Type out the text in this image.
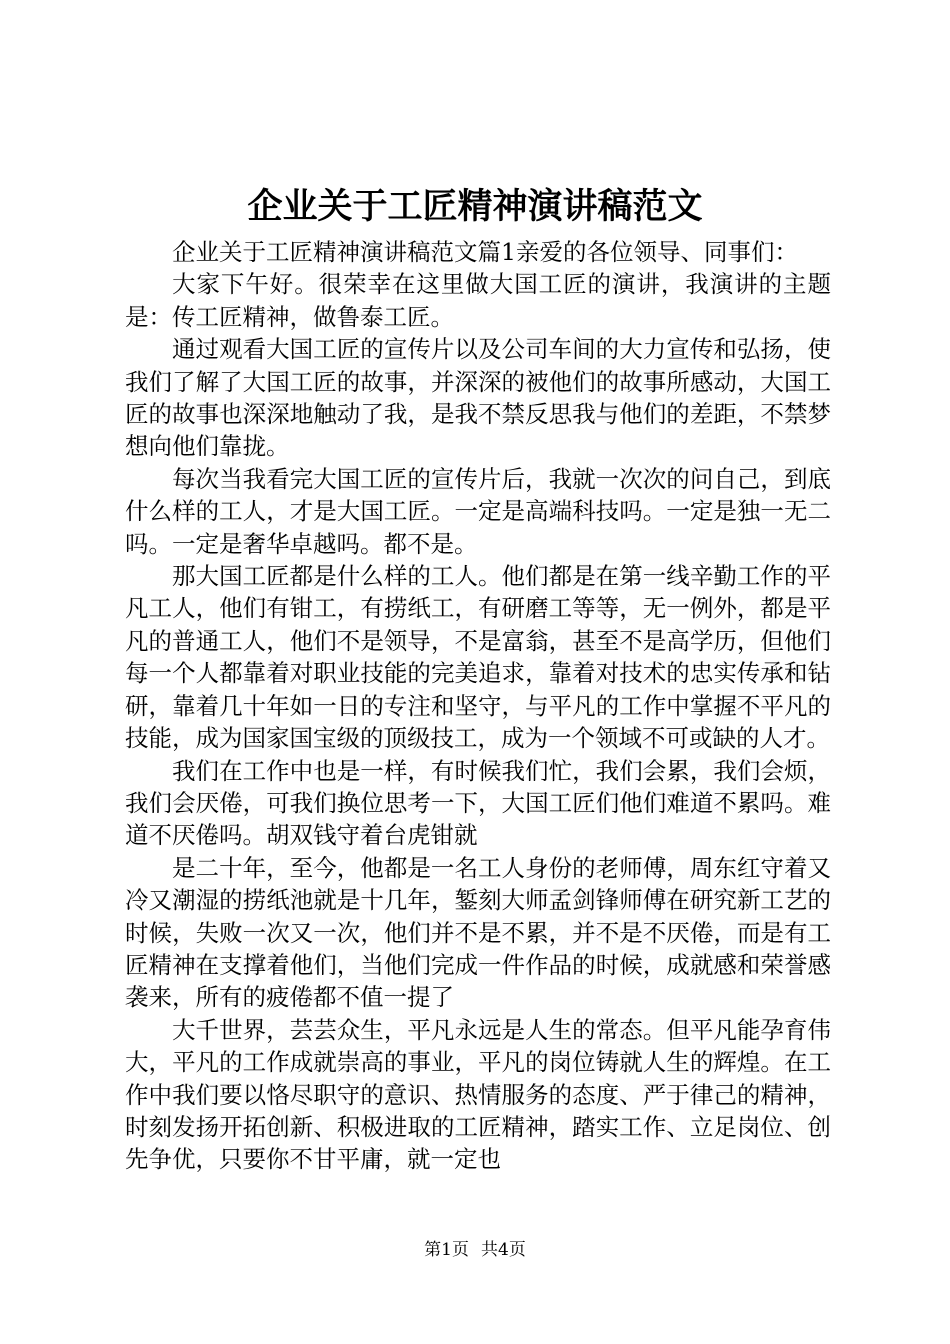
企业关于工匠精神演讲稿范文

企业关于工匠精神演讲稿范文篇1亲爱的各位领导、同事们：

大家下午好。很荣幸在这里做大国工匠的演讲，我演讲的主题是：传工匠精神，做鲁泰工匠。

通过观看大国工匠的宣传片以及公司车间的大力宣传和弘扬，使我们了解了大国工匠的故事，并深深的被他们的故事所感动，大国工匠的故事也深深地触动了我，是我不禁反思我与他们的差距，不禁梦想向他们靠拢。

每次当我看完大国工匠的宣传片后，我就一次次的问自己，到底什么样的工人，才是大国工匠。一定是高端科技吗。一定是独一无二吗。一定是奢华卓越吗。都不是。

那大国工匠都是什么样的工人。他们都是在第一线辛勤工作的平凡工人，他们有钳工，有捞纸工，有研磨工等等，无一例外，都是平凡的普通工人，他们不是领导，不是富翁，甚至不是高学历，但他们每一个人都靠着对职业技能的完美追求，靠着对技术的忠实传承和钻研，靠着几十年如一日的专注和坚守，与平凡的工作中掌握不平凡的技能，成为国家国宝级的顶级技工，成为一个领域不可或缺的人才。

我们在工作中也是一样，有时候我们忙，我们会累，我们会烦，我们会厌倦，可我们换位思考一下，大国工匠们他们难道不累吗。难道不厌倦吗。胡双钱守着台虎钳就

是二十年，至今，他都是一名工人身份的老师傅，周东红守着又冷又潮湿的捞纸池就是十几年，錾刻大师孟剑锋师傅在研究新工艺的时候，失败一次又一次，他们并不是不累，并不是不厌倦，而是有工匠精神在支撑着他们，当他们完成一件作品的时候，成就感和荣誉感袭来，所有的疲倦都不值一提了

大千世界，芸芸众生，平凡永远是人生的常态。但平凡能孕育伟大，平凡的工作成就崇高的事业，平凡的岗位铸就人生的辉煌。在工作中我们要以恪尽职守的意识、热情服务的态度、严于律己的精神，时刻发扬开拓创新、积极进取的工匠精神，踏实工作、立足岗位、创先争优，只要你不甘平庸，就一定也

第1页 共4页
